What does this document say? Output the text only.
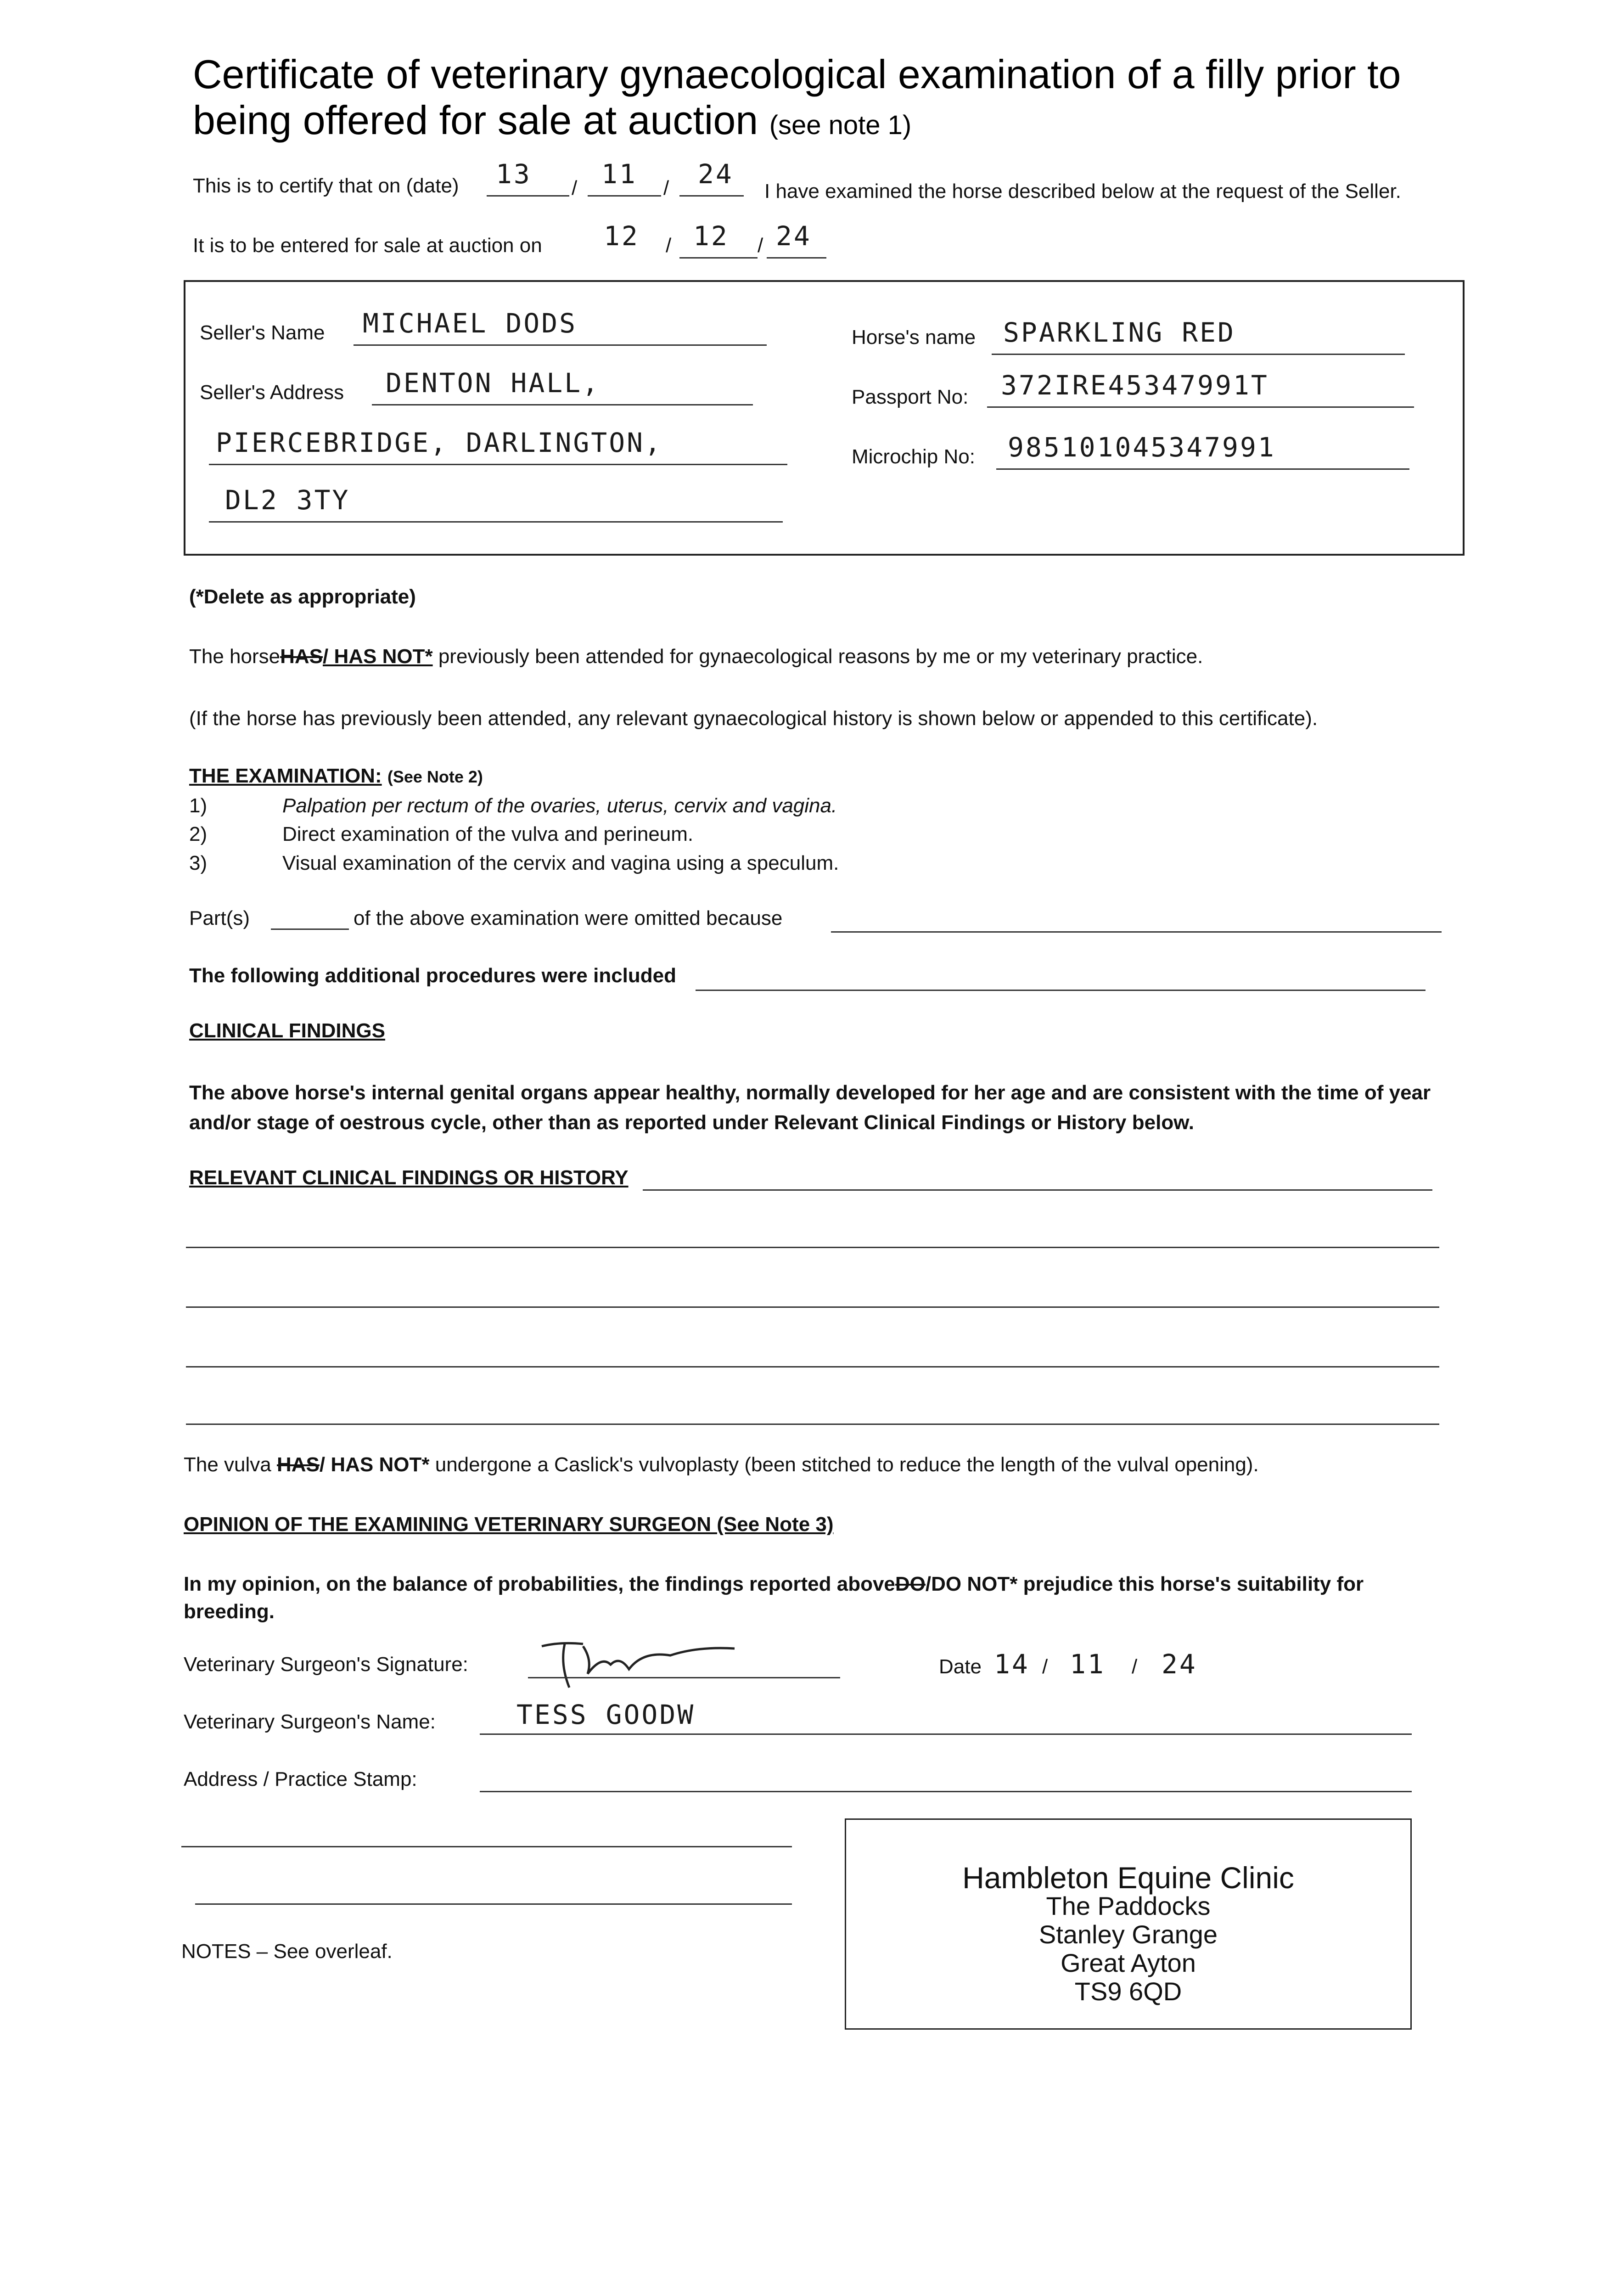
Certificate of veterinary gynaecological examination of a filly prior to
being offered for sale at auction (see note 1)
This is to certify that on (date) 13 / 11 / 24
I have examined the horse described below at the request of the Seller.
It is to be entered for sale at auction on 12 / 12 / 24
Seller's Name MICHAEL DODS
Seller's Address DENTON HALL,
PIERCEBRIDGE, DARLINGTON,
DL2 3TY
Horse's name SPARKLING RED
Passport No: 372IRE45347991T
Microchip No: 985101045347991
(*Delete as appropriate)
The horseHAS/ HAS NOT* previously been attended for gynaecological reasons by me or my veterinary practice.
(If the horse has previously been attended, any relevant gynaecological history is shown below or appended to this certificate).
THE EXAMINATION: (See Note 2)
1)	Palpation per rectum of the ovaries, uterus, cervix and vagina.
2)	Direct examination of the vulva and perineum.
3)	Visual examination of the cervix and vagina using a speculum.
Part(s)	of the above examination were omitted because
The following additional procedures were included
CLINICAL FINDINGS
The above horse's internal genital organs appear healthy, normally developed for her age and are consistent with the time of year
and/or stage of oestrous cycle, other than as reported under Relevant Clinical Findings or History below.
RELEVANT CLINICAL FINDINGS OR HISTORY
The vulva HAS/ HAS NOT* undergone a Caslick's vulvoplasty (been stitched to reduce the length of the vulval opening).
OPINION OF THE EXAMINING VETERINARY SURGEON (See Note 3)
In my opinion, on the balance of probabilities, the findings reported aboveDO/DO NOT* prejudice this horse's suitability for
breeding.
Veterinary Surgeon's Signature:	Date 14 / 11 / 24
Veterinary Surgeon's Name:	TESS GOODW
Address / Practice Stamp:
Hambleton Equine Clinic
The Paddocks
Stanley Grange
Great Ayton
TS9 6QD
NOTES – See overleaf.
